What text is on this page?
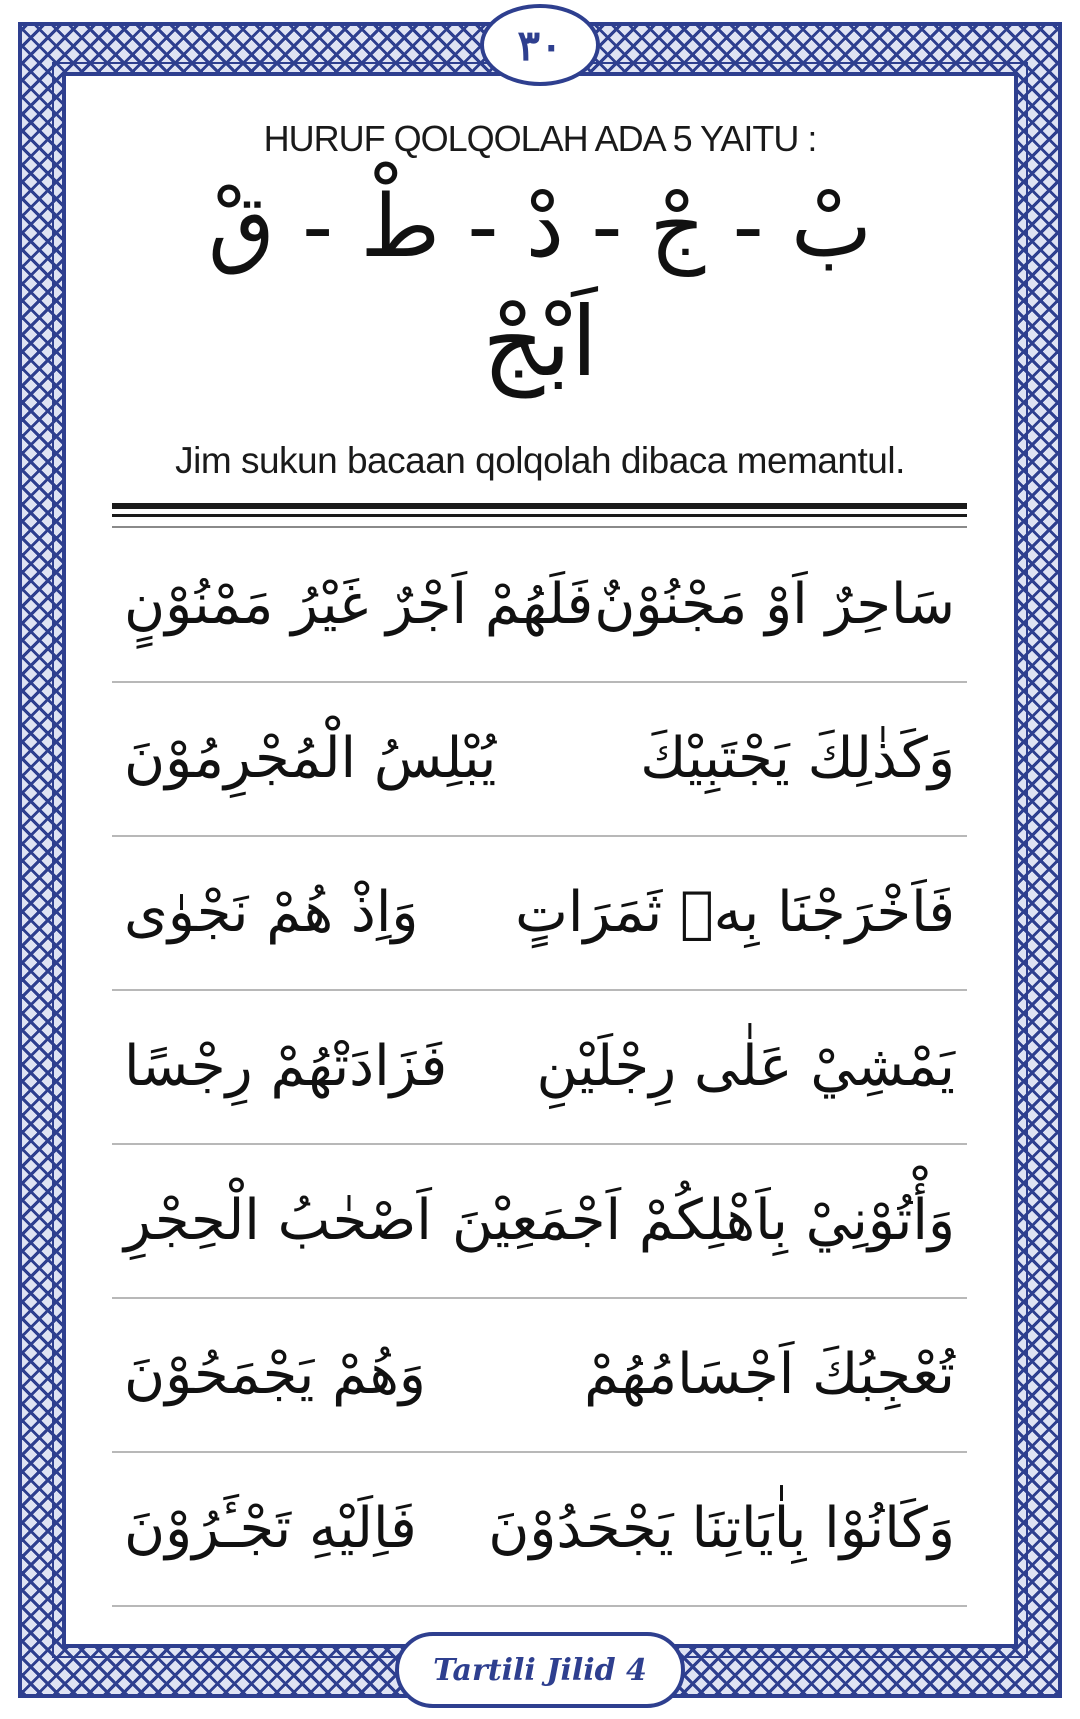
٣٠
HURUF QOLQOLAH ADA 5 YAITU :
بْ - جْ - دْ - طْ - قْ
اَبْجْ
Jim sukun bacaan qolqolah dibaca memantul.
سَاحِرٌ اَوْ مَجْنُوْنٌ
فَلَهُمْ اَجْرٌ غَيْرُ مَمْنُوْنٍ
وَكَذٰلِكَ يَجْتَبِيْكَ
يُبْلِسُ الْمُجْرِمُوْنَ
فَاَخْرَجْنَا بِهٖ ثَمَرَاتٍ
وَاِذْ هُمْ نَجْوٰى
يَمْشِيْ عَلٰى رِجْلَيْنِ
فَزَادَتْهُمْ رِجْسًا
وَأْتُوْنِيْ بِاَهْلِكُمْ اَجْمَعِيْنَ
اَصْحٰبُ الْحِجْرِ
تُعْجِبُكَ اَجْسَامُهُمْ
وَهُمْ يَجْمَحُوْنَ
وَكَانُوْا بِاٰيَاتِنَا يَجْحَدُوْنَ
فَاِلَيْهِ تَجْـَٔرُوْنَ
Tartili Jilid 4
